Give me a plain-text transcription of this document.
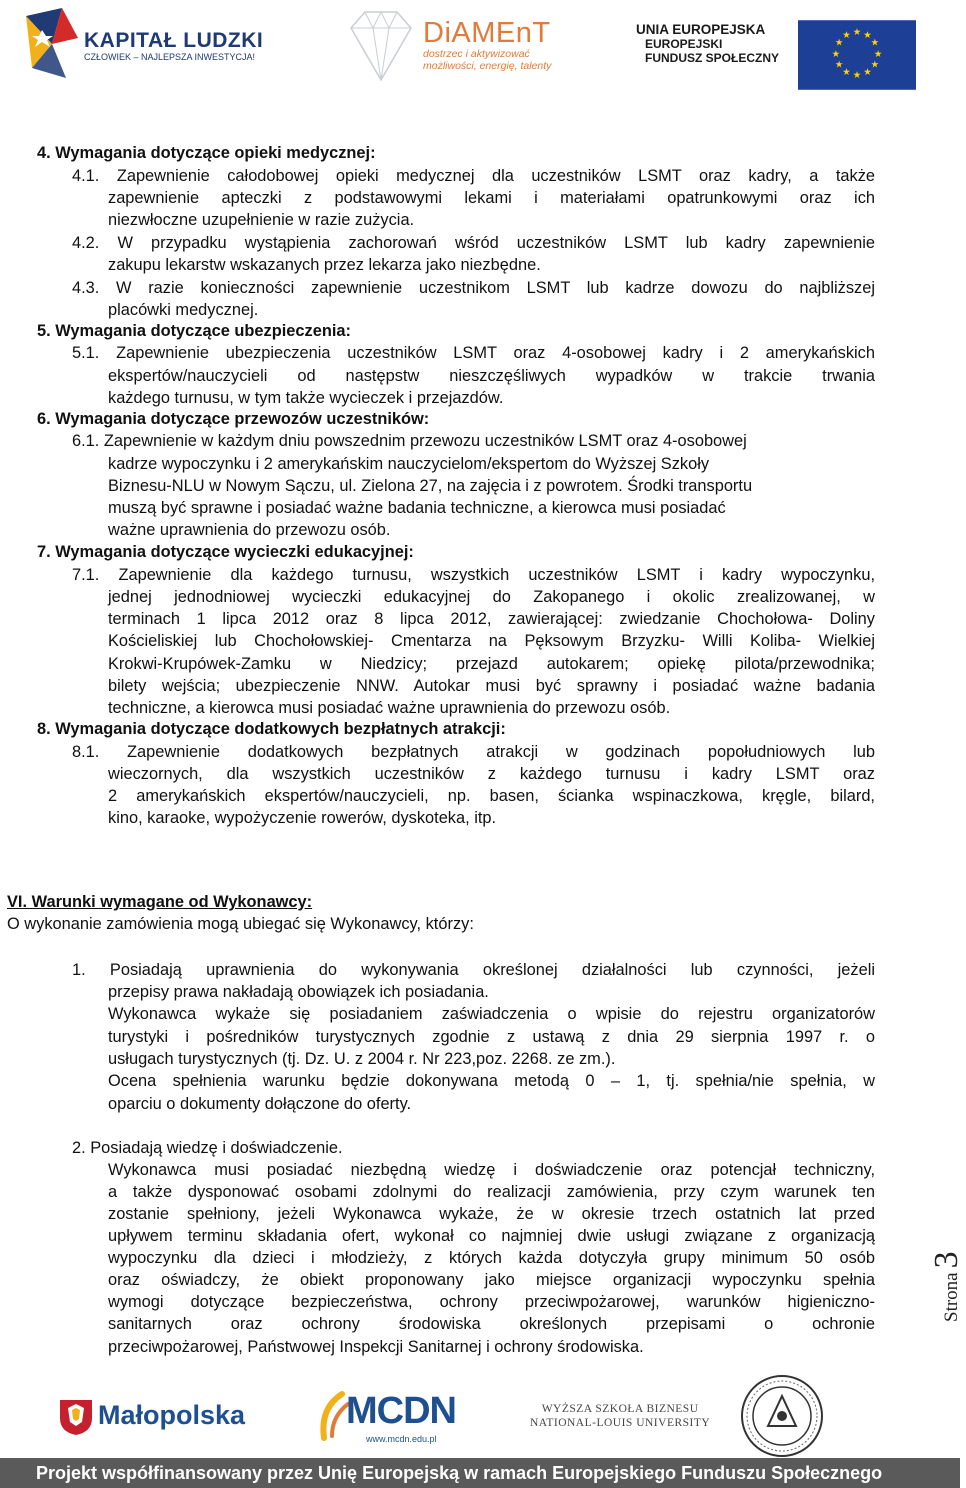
KAPITAŁ LUDZKI
CZŁOWIEK – NAJLEPSZA INWESTYCJA!
DiAMEnT
dostrzec i aktywizować
możliwości, energię, talenty
UNIA EUROPEJSKA
EUROPEJSKI
FUNDUSZ SPOŁECZNY
★ ★
★
★
★
★
★
★
★
★
★
★
4. Wymagania dotyczące opieki medycznej:
4.1. Zapewnienie całodobowej opieki medycznej dla uczestników LSMT oraz kadry, a także
zapewnienie apteczki z podstawowymi lekami i materiałami opatrunkowymi oraz ich
niezwłoczne uzupełnienie w razie zużycia.
4.2. W przypadku wystąpienia zachorowań wśród uczestników LSMT lub kadry zapewnienie
zakupu lekarstw wskazanych przez lekarza jako niezbędne.
4.3. W razie konieczności zapewnienie uczestnikom LSMT lub kadrze dowozu do najbliższej
placówki medycznej.
5. Wymagania dotyczące ubezpieczenia:
5.1. Zapewnienie ubezpieczenia uczestników LSMT oraz 4-osobowej kadry i 2 amerykańskich
ekspertów/nauczycieli od następstw nieszczęśliwych wypadków w trakcie trwania
każdego turnusu, w tym także wycieczek i przejazdów.
6. Wymagania dotyczące przewozów uczestników:
6.1. Zapewnienie w każdym dniu powszednim przewozu uczestników LSMT oraz 4-osobowej
kadrze wypoczynku i 2 amerykańskim nauczycielom/ekspertom do Wyższej Szkoły
Biznesu-NLU w Nowym Sączu, ul. Zielona 27, na zajęcia i z powrotem. Środki transportu
muszą być sprawne i posiadać ważne badania techniczne, a kierowca musi posiadać
ważne uprawnienia do przewozu osób.
7. Wymagania dotyczące wycieczki edukacyjnej:
7.1. Zapewnienie dla każdego turnusu, wszystkich uczestników LSMT i kadry wypoczynku,
jednej jednodniowej wycieczki edukacyjnej do Zakopanego i okolic zrealizowanej, w
terminach 1 lipca 2012 oraz 8 lipca 2012, zawierającej: zwiedzanie Chochołowa- Doliny
Kościeliskiej lub Chochołowskiej- Cmentarza na Pęksowym Brzyzku- Willi Koliba- Wielkiej
Krokwi-Krupówek-Zamku w Niedzicy; przejazd autokarem; opiekę pilota/przewodnika;
bilety wejścia; ubezpieczenie NNW. Autokar musi być sprawny i posiadać ważne badania
techniczne, a kierowca musi posiadać ważne uprawnienia do przewozu osób.
8. Wymagania dotyczące dodatkowych bezpłatnych atrakcji:
8.1. Zapewnienie dodatkowych bezpłatnych atrakcji w godzinach popołudniowych lub
wieczornych, dla wszystkich uczestników z każdego turnusu i kadry LSMT oraz
2 amerykańskich ekspertów/nauczycieli, np. basen, ścianka wspinaczkowa, kręgle, bilard,
kino, karaoke, wypożyczenie rowerów, dyskoteka, itp.
VI. Warunki wymagane od Wykonawcy:
O wykonanie zamówienia mogą ubiegać się Wykonawcy, którzy:
1. Posiadają uprawnienia do wykonywania określonej działalności lub czynności, jeżeli
przepisy prawa nakładają obowiązek ich posiadania.
Wykonawca wykaże się posiadaniem zaświadczenia o wpisie do rejestru organizatorów
turystyki i pośredników turystycznych zgodnie z ustawą z dnia 29 sierpnia 1997 r. o
usługach turystycznych (tj. Dz. U. z 2004 r. Nr 223,poz. 2268. ze zm.).
Ocena spełnienia warunku będzie dokonywana metodą 0 – 1, tj. spełnia/nie spełnia, w
oparciu o dokumenty dołączone do oferty.
2. Posiadają wiedzę i doświadczenie.
Wykonawca musi posiadać niezbędną wiedzę i doświadczenie oraz potencjał techniczny,
a także dysponować osobami zdolnymi do realizacji zamówienia, przy czym warunek ten
zostanie spełniony, jeżeli Wykonawca wykaże, że w okresie trzech ostatnich lat przed
upływem terminu składania ofert, wykonał co najmniej dwie usługi związane z organizacją
wypoczynku dla dzieci i młodzieży, z których każda dotyczyła grupy minimum 50 osób
oraz oświadczy, że obiekt proponowany jako miejsce organizacji wypoczynku spełnia
wymogi dotyczące bezpieczeństwa, ochrony przeciwpożarowej, warunków higieniczno-
sanitarnych oraz ochrony środowiska określonych przepisami o ochronie
przeciwpożarowej, Państwowej Inspekcji Sanitarnej i ochrony środowiska.
Strona 3
Małopolska	MCDN
www.mcdn.edu.pl
WYŻSZA SZKOŁA BIZNESU
NATIONAL-LOUIS UNIVERSITY
Projekt współfinansowany przez Unię Europejską w ramach Europejskiego Funduszu Społecznego
